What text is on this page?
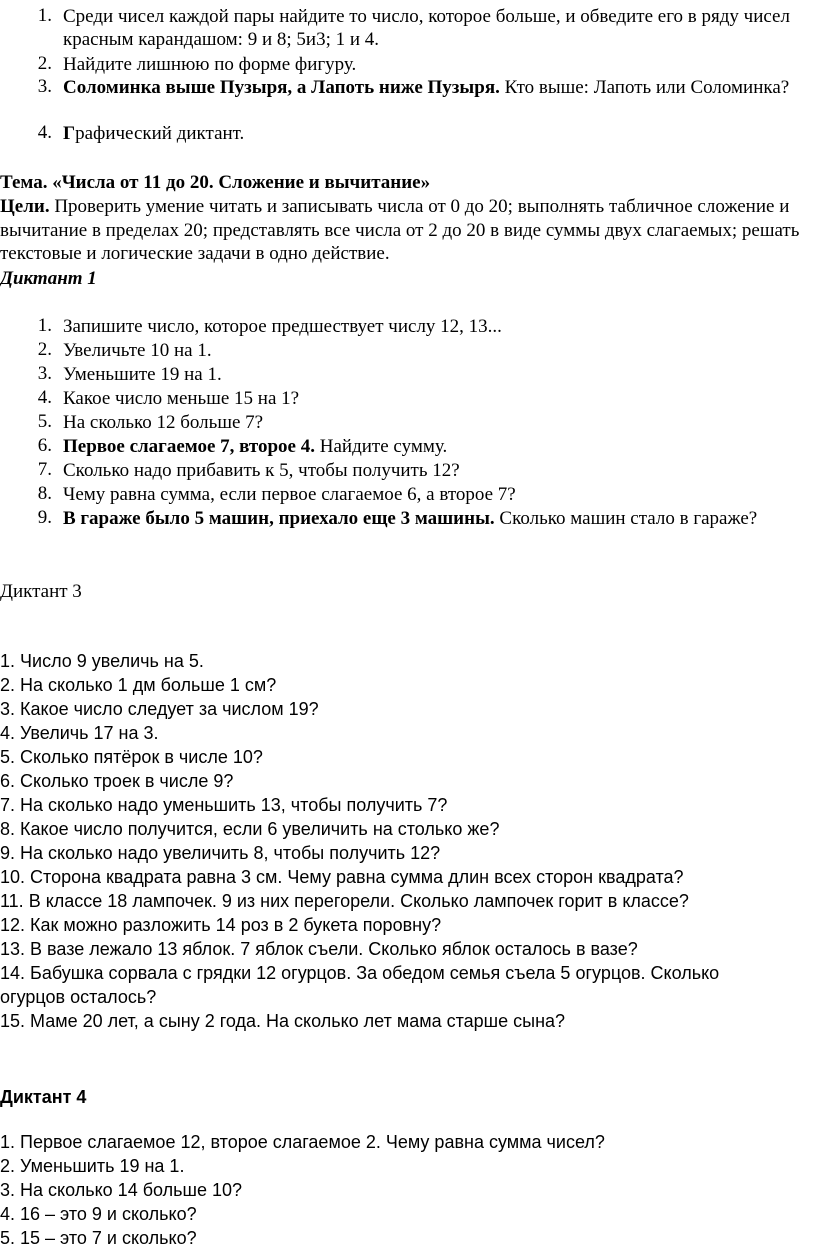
1. Среди чисел каждой пары найдите то число, которое больше, и обведите его в ряду чисел красным карандашом: 9 и 8; 5и3; 1 и 4.
2. Найдите лишнюю по форме фигуру.
3. Соломинка выше Пузыря, а Лапоть ниже Пузыря. Кто выше: Лапоть или Соломинка?
4. Графический диктант.
Тема. «Числа от 11 до 20. Сложение и вычитание»
Цели. Проверить умение читать и записывать числа от 0 до 20; выполнять табличное сложение и вычитание в пределах 20; представлять все числа от 2 до 20 в виде суммы двух слагаемых; решать текстовые и логические задачи в одно действие.
Диктант 1
1. Запишите число, которое предшествует числу 12, 13...
2. Увеличьте 10 на 1.
3. Уменьшите 19 на 1.
4. Какое число меньше 15 на 1?
5. На сколько 12 больше 7?
6. Первое слагаемое 7, второе 4. Найдите сумму.
7. Сколько надо прибавить к 5, чтобы получить 12?
8. Чему равна сумма, если первое слагаемое 6, а второе 7?
9. В гараже было 5 машин, приехало еще 3 машины. Сколько машин стало в гараже?
Диктант 3
1. Число 9 увеличь на 5.
2. На сколько 1 дм больше 1 см?
3. Какое число следует за числом 19?
4. Увеличь 17 на 3.
5. Сколько пятёрок в числе 10?
6. Сколько троек в числе 9?
7. На сколько надо уменьшить 13, чтобы получить 7?
8. Какое число получится, если 6 увеличить на столько же?
9. На сколько надо увеличить 8, чтобы получить 12?
10. Сторона квадрата равна 3 см. Чему равна сумма длин всех сторон квадрата?
11. В классе 18 лампочек. 9 из них перегорели. Сколько лампочек горит в классе?
12. Как можно разложить 14 роз в 2 букета поровну?
13. В вазе лежало 13 яблок. 7 яблок съели. Сколько яблок осталось в вазе?
14. Бабушка сорвала с грядки 12 огурцов. За обедом семья съела 5 огурцов. Сколько
огурцов осталось?
15. Маме 20 лет, а сыну 2 года. На сколько лет мама старше сына?
Диктант 4
1. Первое слагаемое 12, второе слагаемое 2. Чему равна сумма чисел?
2. Уменьшить 19 на 1.
3. На сколько 14 больше 10?
4. 16 – это 9 и сколько?
5. 15 – это 7 и сколько?
